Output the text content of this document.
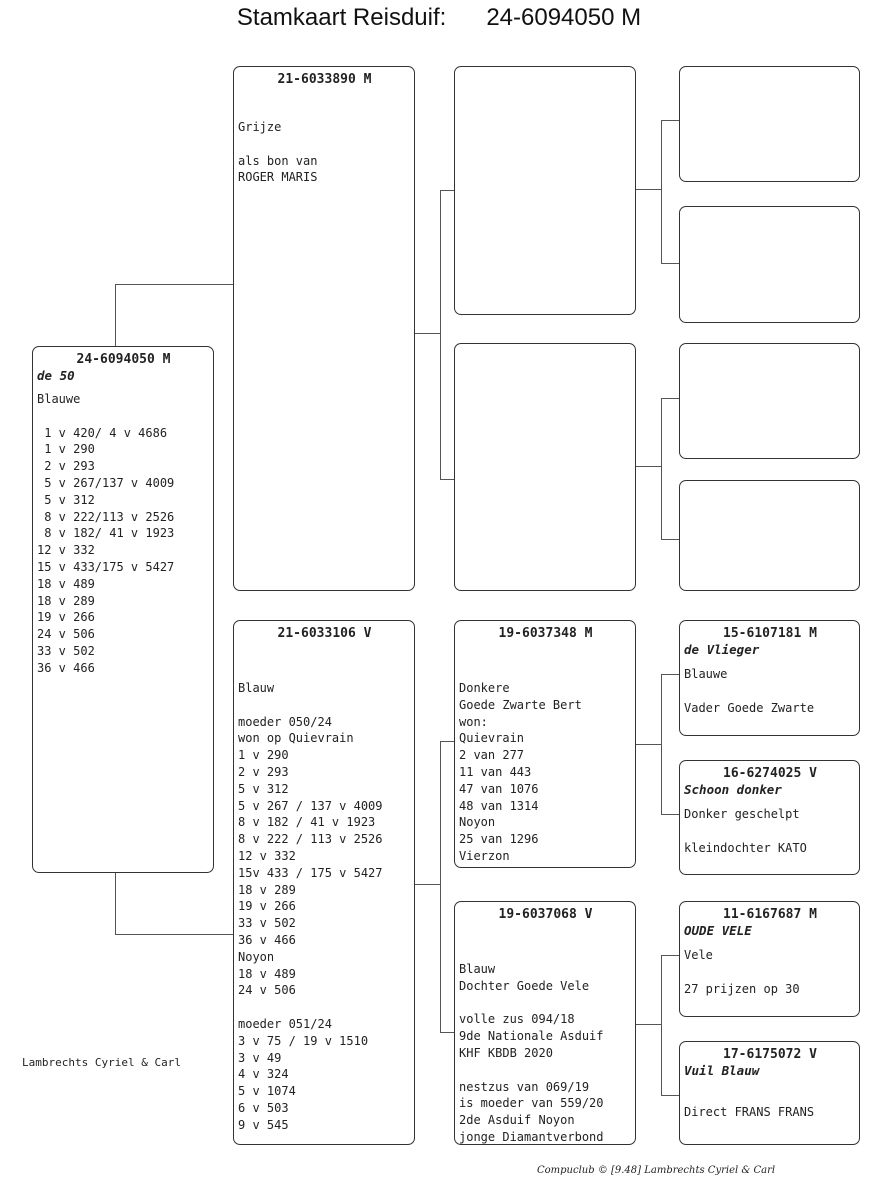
Stamkaart Reisduif: 24-6094050 M
24-6094050 M
de 50
Blauwe

1 v 420/ 4 v 4686
1 v 290
2 v 293
5 v 267/137 v 4009
5 v 312
8 v 222/113 v 2526
8 v 182/ 41 v 1923
12 v 332
15 v 433/175 v 5427
18 v 489
18 v 289
19 v 266
24 v 506
33 v 502
36 v 466
21-6033890 M
Grijze

als bon van
ROGER MARIS
21-6033106 V
Blauw

moeder 050/24
won op Quievrain
1 v 290
2 v 293
5 v 312
5 v 267 / 137 v 4009
8 v 182 / 41 v 1923
8 v 222 / 113 v 2526
12 v 332
15v 433 / 175 v 5427
18 v 289
19 v 266
33 v 502
36 v 466
Noyon
18 v 489
24 v 506

moeder 051/24
3 v 75 / 19 v 1510
3 v 49
4 v 324
5 v 1074
6 v 503
9 v 545
19-6037348 M
Donkere
Goede Zwarte Bert
won:
Quievrain
2 van 277
11 van 443
47 van 1076
48 van 1314
Noyon
25 van 1296
Vierzon
19-6037068 V
Blauw
Dochter Goede Vele

volle zus 094/18
9de Nationale Asduif
KHF KBDB 2020

nestzus van 069/19
is moeder van 559/20
2de Asduif Noyon
jonge Diamantverbond
15-6107181 M
de Vlieger
Blauwe

Vader Goede Zwarte
16-6274025 V
Schoon donker
Donker geschelpt

kleindochter KATO
11-6167687 M
OUDE VELE
Vele

27 prijzen op 30
17-6175072 V
Vuil Blauw

Direct FRANS FRANS
Lambrechts Cyriel & Carl
Compuclub © [9.48] Lambrechts Cyriel & Carl
